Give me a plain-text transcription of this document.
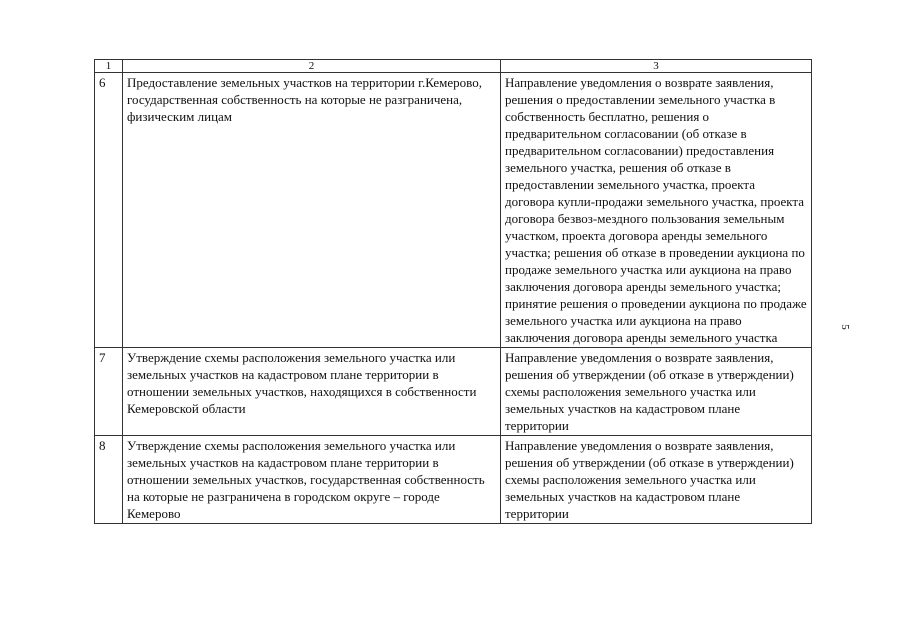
1	2	3
6	Предоставление земельных участков на территории г.Кемерово, государственная собственность на которые не разграничена, физическим лицам	Направление уведомления о возврате заявления, решения о предоставлении земельного участка в собственность бесплатно, решения о предварительном согласовании (об отказе в предварительном согласовании) предоставления земельного участка, решения об отказе в предоставлении земельного участка, проекта договора купли-продажи земельного участка, проекта договора безвоз-мездного пользования земельным участком, проекта договора аренды земельного участка; решения об отказе в проведении аукциона по продаже земельного участка или аукциона на право заключения договора аренды земельного участка; принятие решения о проведении аукциона по продаже земельного участка или аукциона на право заключения договора аренды земельного участка
7	Утверждение схемы расположения земельного участка или земельных участков на кадастровом плане территории в отношении земельных участков, находящихся в собственности Кемеровской области	Направление уведомления о возврате заявления, решения об утверждении (об отказе в утверждении) схемы расположения земельного участка или земельных участков на кадастровом плане территории
8	Утверждение схемы расположения земельного участка или земельных участков на кадастровом плане территории в отношении земельных участков, государственная собственность на которые не разграничена в городском округе – городе Кемерово	Направление уведомления о возврате заявления, решения об утверждении (об отказе в утверждении) схемы расположения земельного участка или земельных участков на кадастровом плане территории
5
